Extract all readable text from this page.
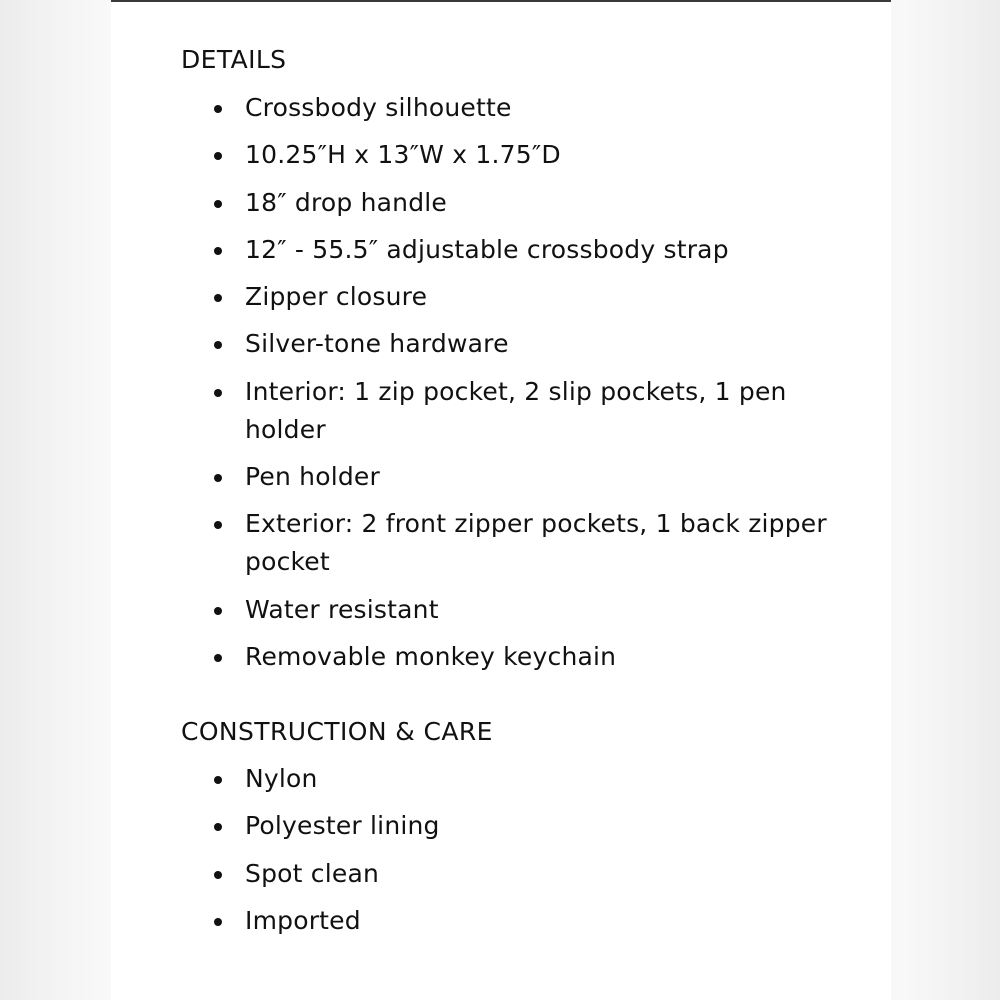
DETAILS
Crossbody silhouette
10.25″H x 13″W x 1.75″D
18″ drop handle
12″ - 55.5″ adjustable crossbody strap
Zipper closure
Silver-tone hardware
Interior: 1 zip pocket, 2 slip pockets, 1 pen holder
Pen holder
Exterior: 2 front zipper pockets, 1 back zipper pocket
Water resistant
Removable monkey keychain
CONSTRUCTION & CARE
Nylon
Polyester lining
Spot clean
Imported
